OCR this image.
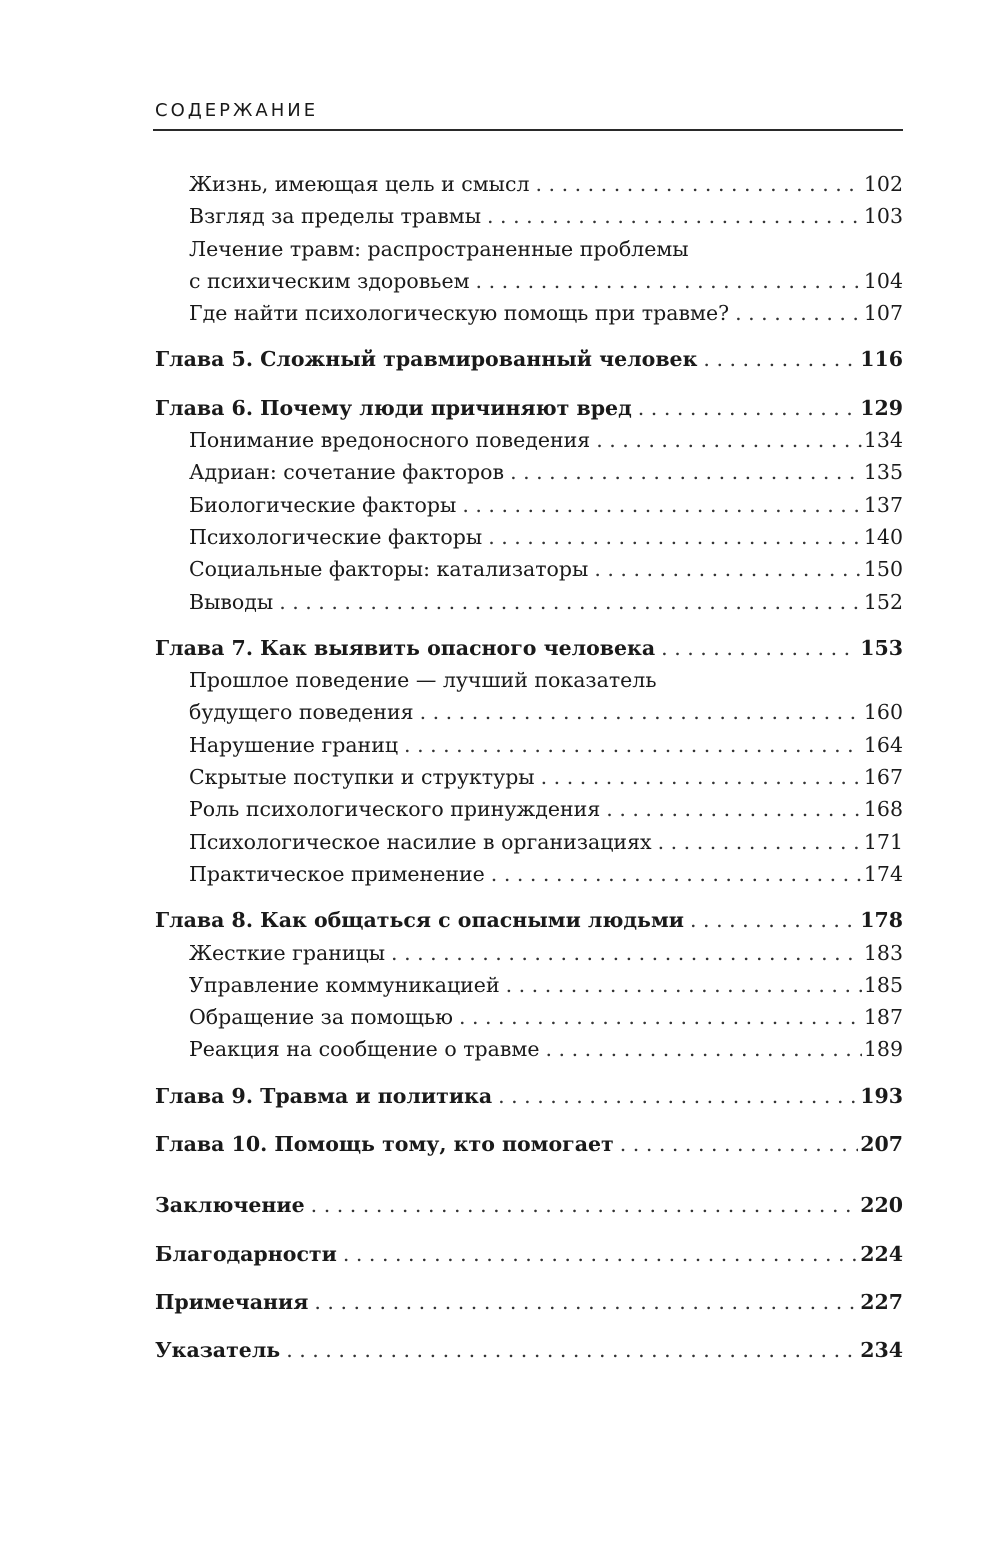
СОДЕРЖАНИЕ
Жизнь, имеющая цель и смысл . . .	102
Взгляд за пределы травмы . . .	103
Лечение травм: распространенные проблемы
с психическим здоровьем . . .	104
Где найти психологическую помощь при травме? . . .	107
Глава 5. Сложный травмированный человек . . .	116
Глава 6. Почему люди причиняют вред . . .	129
Понимание вредоносного поведения . . .	134
Адриан: сочетание факторов . . .	135
Биологические факторы . . .	137
Психологические факторы . . .	140
Социальные факторы: катализаторы . . .	150
Выводы . . .	152
Глава 7. Как выявить опасного человека . . .	153
Прошлое поведение — лучший показатель
будущего поведения . . .	160
Нарушение границ . . .	164
Скрытые поступки и структуры . . .	167
Роль психологического принуждения . . .	168
Психологическое насилие в организациях . . .	171
Практическое применение . . .	174
Глава 8. Как общаться с опасными людьми . . .	178
Жесткие границы . . .	183
Управление коммуникацией . . .	185
Обращение за помощью . . .	187
Реакция на сообщение о травме . . .	189
Глава 9. Травма и политика . . .	193
Глава 10. Помощь тому, кто помогает . . .	207
Заключение . . .	220
Благодарности . . .	224
Примечания . . .	227
Указатель . . .	234
